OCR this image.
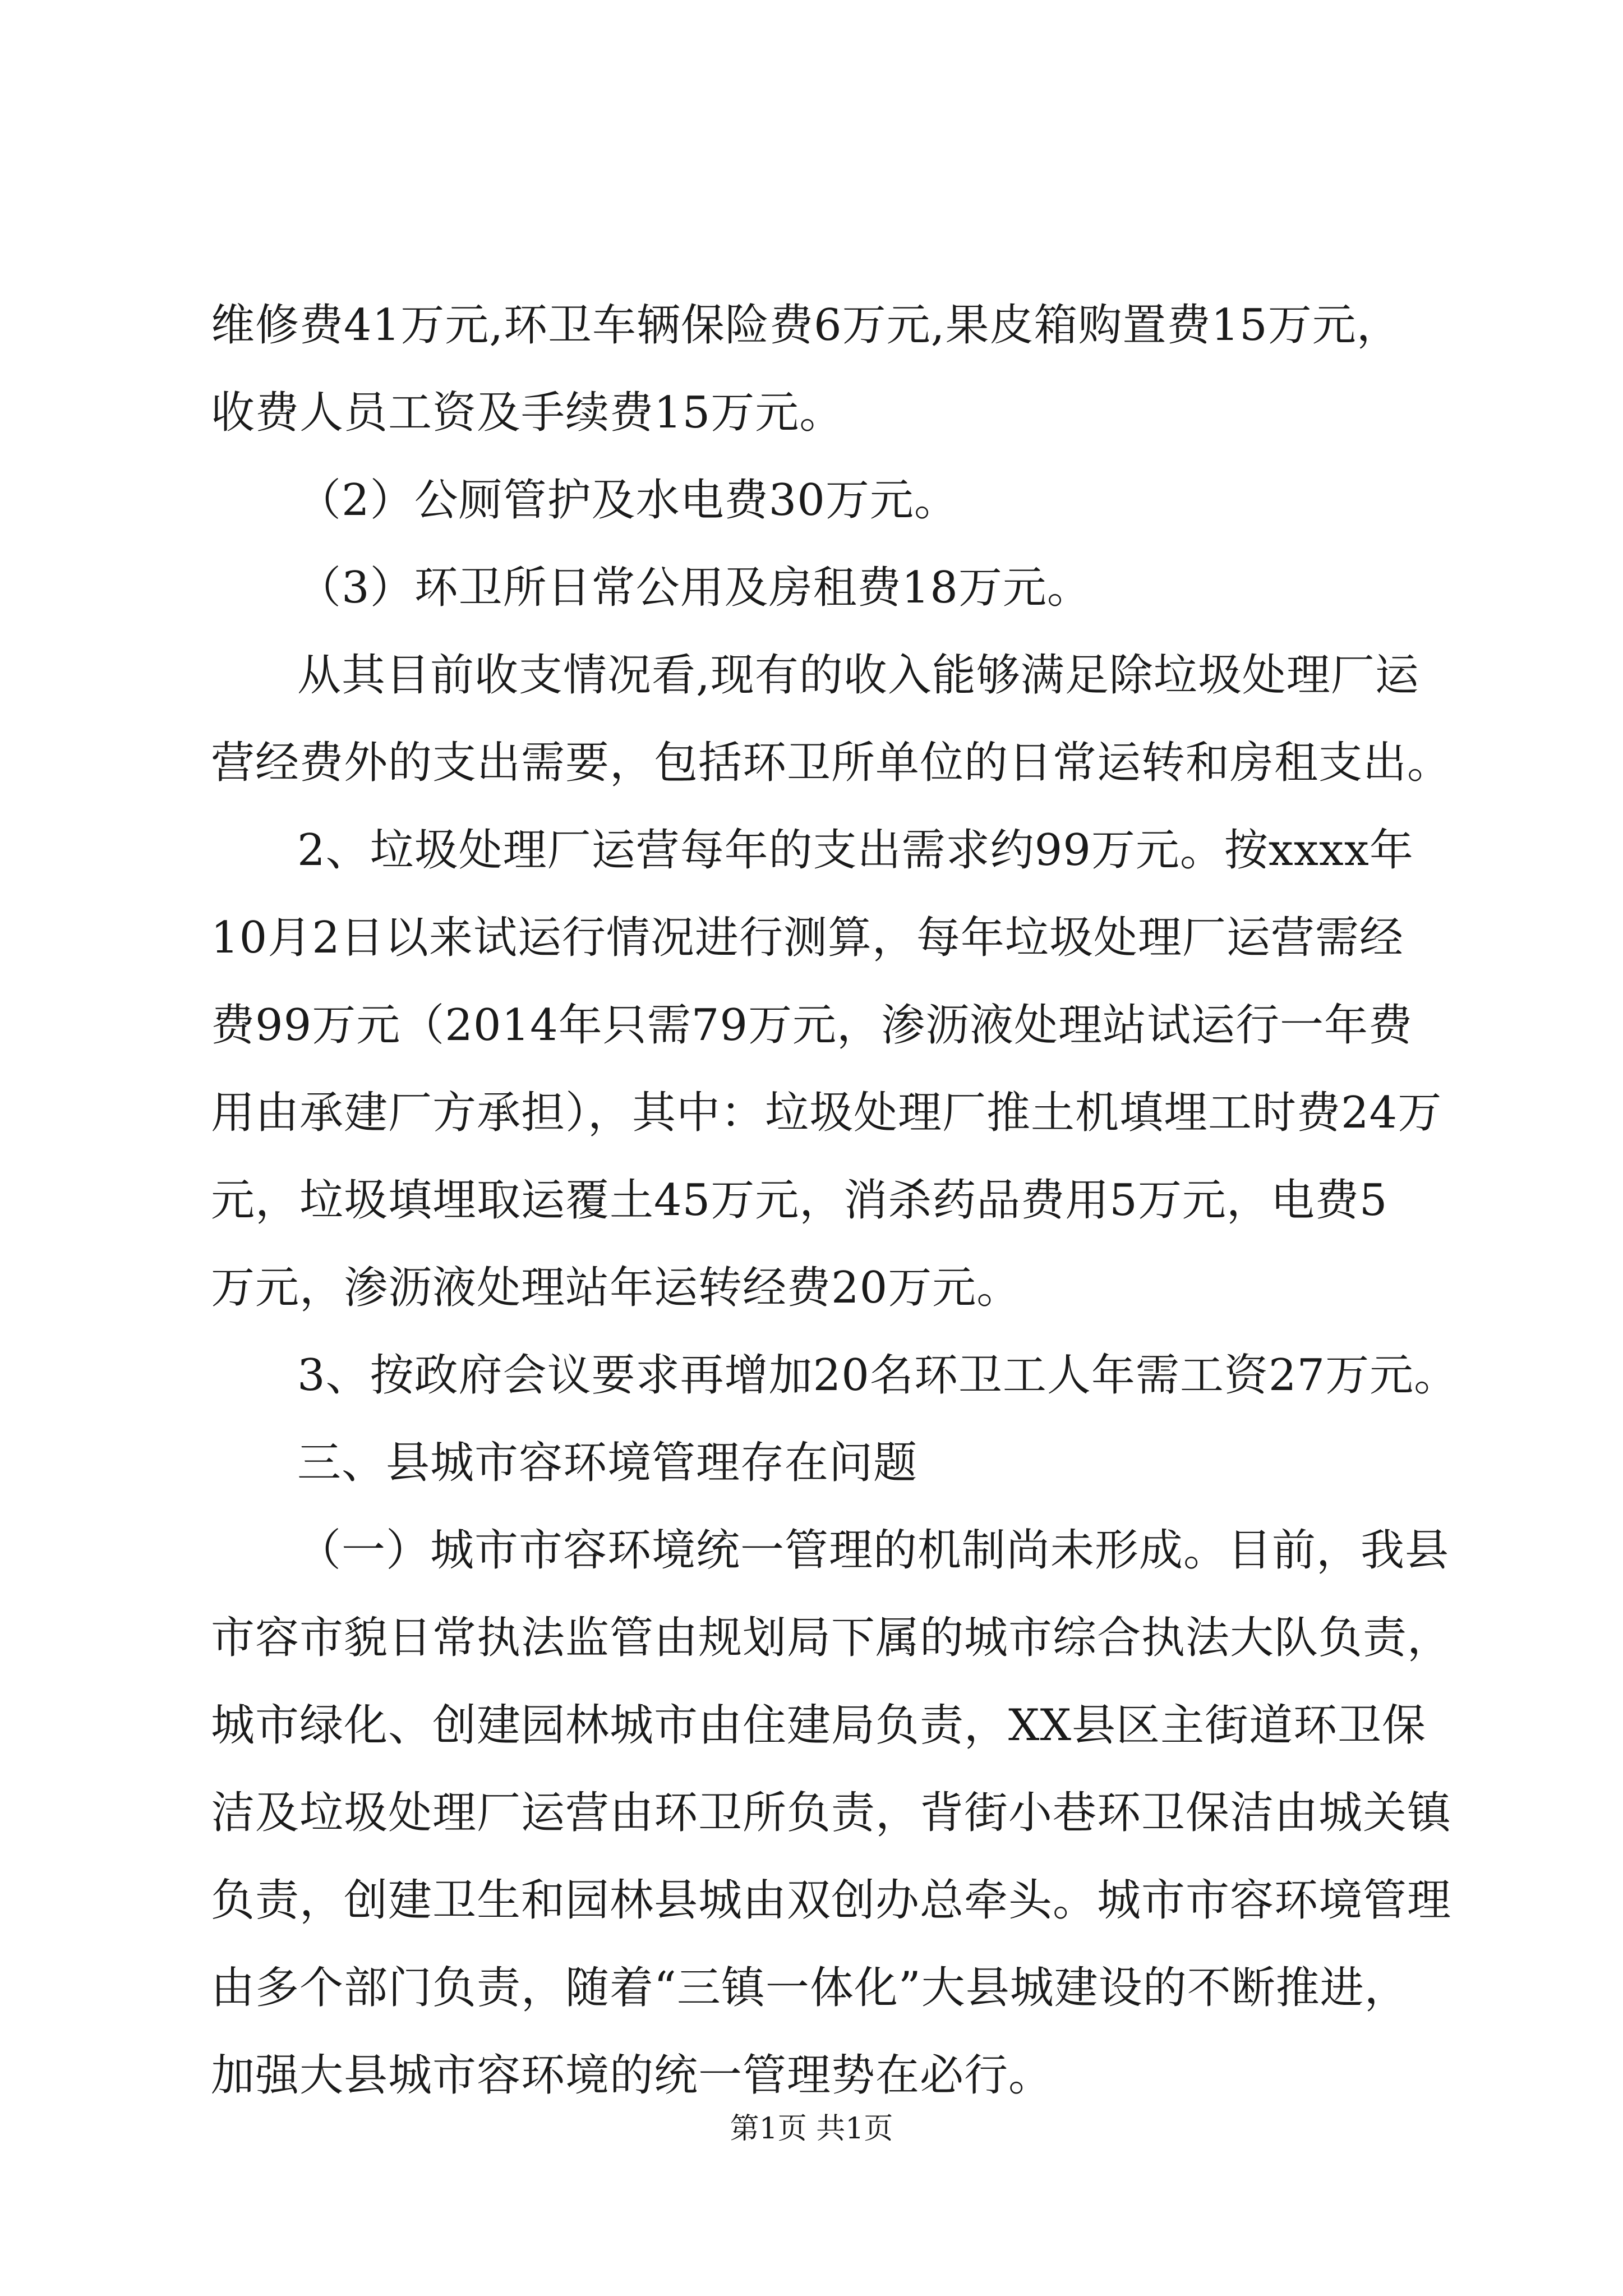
维修费41万元,环卫车辆保险费6万元,果皮箱购置费15万元，
收费人员工资及手续费15万元。
（2）公厕管护及水电费30万元。
（3）环卫所日常公用及房租费18万元。
从其目前收支情况看,现有的收入能够满足除垃圾处理厂运
营经费外的支出需要，包括环卫所单位的日常运转和房租支出。
2、垃圾处理厂运营每年的支出需求约99万元。按xxxx年
10月2日以来试运行情况进行测算，每年垃圾处理厂运营需经
费99万元（2014年只需79万元，渗沥液处理站试运行一年费
用由承建厂方承担），其中：垃圾处理厂推土机填埋工时费24万
元，垃圾填埋取运覆土45万元，消杀药品费用5万元，电费5
万元，渗沥液处理站年运转经费20万元。
3、按政府会议要求再增加20名环卫工人年需工资27万元。
三、县城市容环境管理存在问题
（一）城市市容环境统一管理的机制尚未形成。目前，我县
市容市貌日常执法监管由规划局下属的城市综合执法大队负责，
城市绿化、创建园林城市由住建局负责，XX县区主街道环卫保
洁及垃圾处理厂运营由环卫所负责，背街小巷环卫保洁由城关镇
负责，创建卫生和园林县城由双创办总牵头。城市市容环境管理
由多个部门负责，随着“三镇一体化”大县城建设的不断推进，
加强大县城市容环境的统一管理势在必行。
第1页 共1页
